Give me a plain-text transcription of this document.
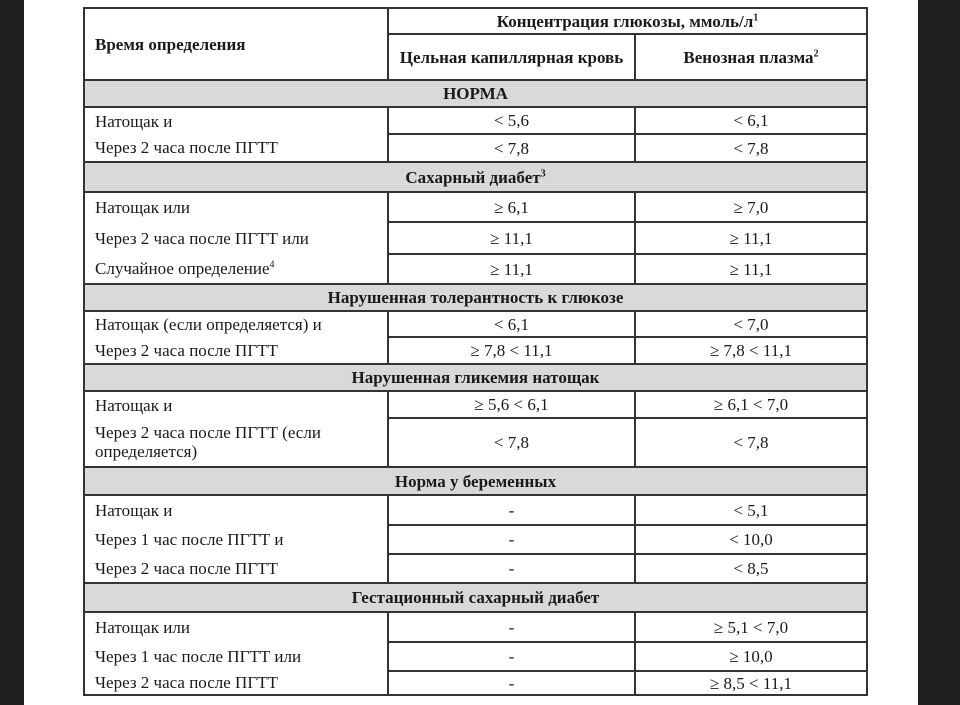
Время определения	Концентрация глюкозы, ммоль/$л^1$
	Цельная капиллярная кровь	Венозная плазма$^2$
НОРМА		
Натощак и	< 5,6	< 6,1
Через 2 часа после ПГТТ	< 7,8	< 7,8
Сахарный диабет$^3$
Натощак или	≥ 6,1	≥ 7,0
Через 2 часа после ПГТТ или	≥ 11,1	≥ 11,1
Случайное определение$^4$	≥ 11,1	≥ 11,1
Нарушенная толерантность к глюкозе		
Натощак (если определяется) и	< 6,1	< 7,0
Через 2 часа после ПГТТ	≥ 7,8 < 11,1	≥ 7,8 < 11,1
Нарушенная гликемия натощак		
Натощак и	≥ 5,6 < 6,1	≥ 6,1 < 7,0
Через 2 часа после ПГТТ (если определяется)	< 7,8	< 7,8
Норма у беременных		
Натощак и	-	< 5,1
Через 1 час после ПГТТ и	-	< 10,0
Через 2 часа после ПГТТ	-	< 8,5
Гестационный сахарный диабет		
Натощак или	-	≥ 5,1 < 7,0
Через 1 час после ПГТТ или	-	≥ 10,0
Через 2 часа после ПГТТ	-	≥ 8,5 < 11,1
